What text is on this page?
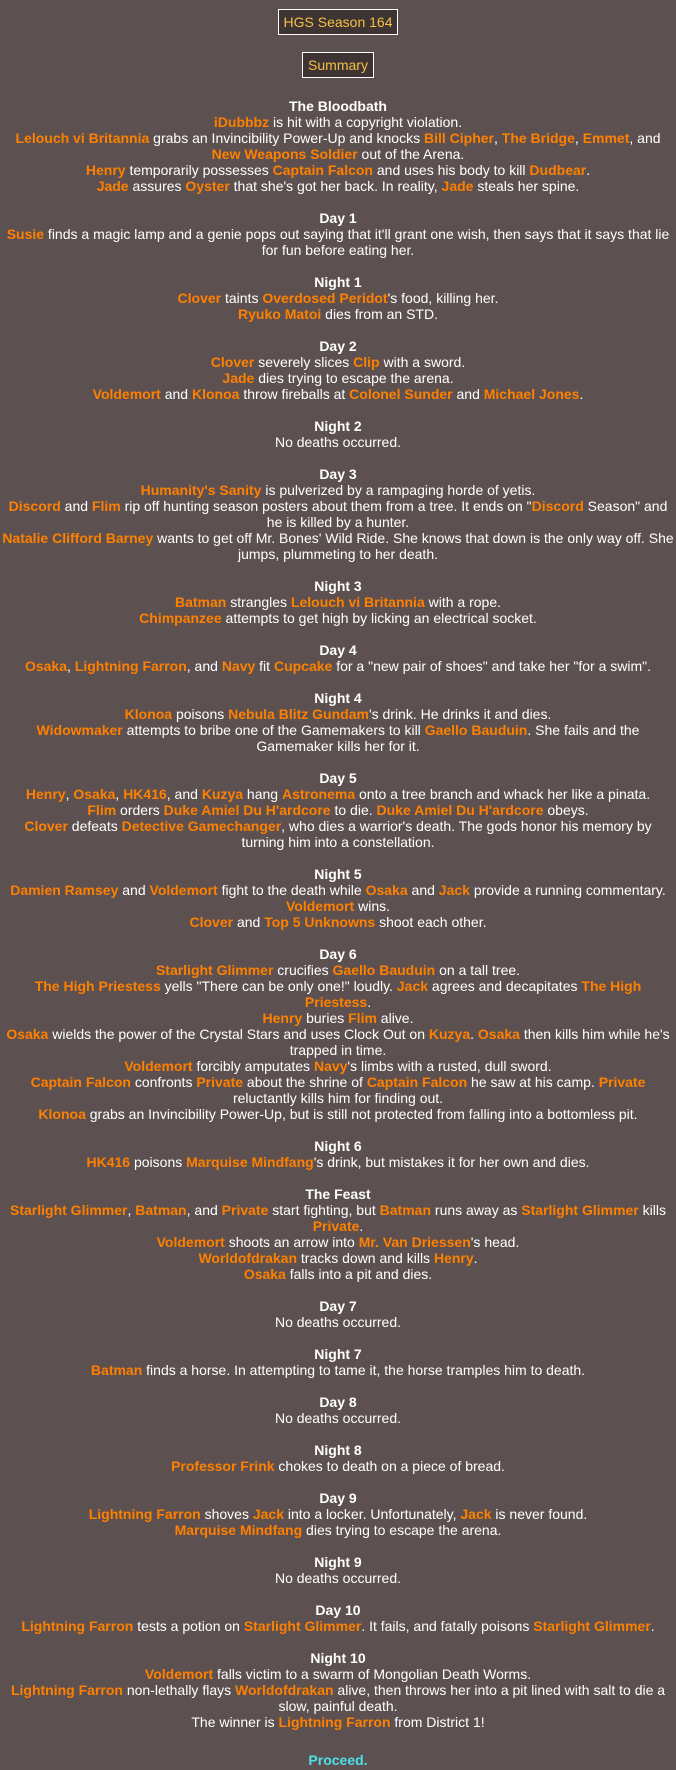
HGS Season 164
Summary
The Bloodbath
iDubbbz is hit with a copyright violation.
Lelouch vi Britannia grabs an Invincibility Power-Up and knocks Bill Cipher, The Bridge, Emmet, and New Weapons Soldier out of the Arena.
Henry temporarily possesses Captain Falcon and uses his body to kill Dudbear.
Jade assures Oyster that she's got her back. In reality, Jade steals her spine.
Day 1
Susie finds a magic lamp and a genie pops out saying that it'll grant one wish, then says that it says that lie for fun before eating her.
Night 1
Clover taints Overdosed Peridot's food, killing her.
Ryuko Matoi dies from an STD.
Day 2
Clover severely slices Clip with a sword.
Jade dies trying to escape the arena.
Voldemort and Klonoa throw fireballs at Colonel Sunder and Michael Jones.
Night 2
No deaths occurred.
Day 3
Humanity's Sanity is pulverized by a rampaging horde of yetis.
Discord and Flim rip off hunting season posters about them from a tree. It ends on "Discord Season" and he is killed by a hunter.
Natalie Clifford Barney wants to get off Mr. Bones' Wild Ride. She knows that down is the only way off. She jumps, plummeting to her death.
Night 3
Batman strangles Lelouch vi Britannia with a rope.
Chimpanzee attempts to get high by licking an electrical socket.
Day 4
Osaka, Lightning Farron, and Navy fit Cupcake for a "new pair of shoes" and take her "for a swim".
Night 4
Klonoa poisons Nebula Blitz Gundam's drink. He drinks it and dies.
Widowmaker attempts to bribe one of the Gamemakers to kill Gaello Bauduin. She fails and the Gamemaker kills her for it.
Day 5
Henry, Osaka, HK416, and Kuzya hang Astronema onto a tree branch and whack her like a pinata.
Flim orders Duke Amiel Du H'ardcore to die. Duke Amiel Du H'ardcore obeys.
Clover defeats Detective Gamechanger, who dies a warrior's death. The gods honor his memory by turning him into a constellation.
Night 5
Damien Ramsey and Voldemort fight to the death while Osaka and Jack provide a running commentary. Voldemort wins.
Clover and Top 5 Unknowns shoot each other.
Day 6
Starlight Glimmer crucifies Gaello Bauduin on a tall tree.
The High Priestess yells "There can be only one!" loudly. Jack agrees and decapitates The High Priestess.
Henry buries Flim alive.
Osaka wields the power of the Crystal Stars and uses Clock Out on Kuzya. Osaka then kills him while he's trapped in time.
Voldemort forcibly amputates Navy's limbs with a rusted, dull sword.
Captain Falcon confronts Private about the shrine of Captain Falcon he saw at his camp. Private reluctantly kills him for finding out.
Klonoa grabs an Invincibility Power-Up, but is still not protected from falling into a bottomless pit.
Night 6
HK416 poisons Marquise Mindfang's drink, but mistakes it for her own and dies.
The Feast
Starlight Glimmer, Batman, and Private start fighting, but Batman runs away as Starlight Glimmer kills Private.
Voldemort shoots an arrow into Mr. Van Driessen's head.
Worldofdrakan tracks down and kills Henry.
Osaka falls into a pit and dies.
Day 7
No deaths occurred.
Night 7
Batman finds a horse. In attempting to tame it, the horse tramples him to death.
Day 8
No deaths occurred.
Night 8
Professor Frink chokes to death on a piece of bread.
Day 9
Lightning Farron shoves Jack into a locker. Unfortunately, Jack is never found.
Marquise Mindfang dies trying to escape the arena.
Night 9
No deaths occurred.
Day 10
Lightning Farron tests a potion on Starlight Glimmer. It fails, and fatally poisons Starlight Glimmer.
Night 10
Voldemort falls victim to a swarm of Mongolian Death Worms.
Lightning Farron non-lethally flays Worldofdrakan alive, then throws her into a pit lined with salt to die a slow, painful death.
The winner is Lightning Farron from District 1!
Proceed.
